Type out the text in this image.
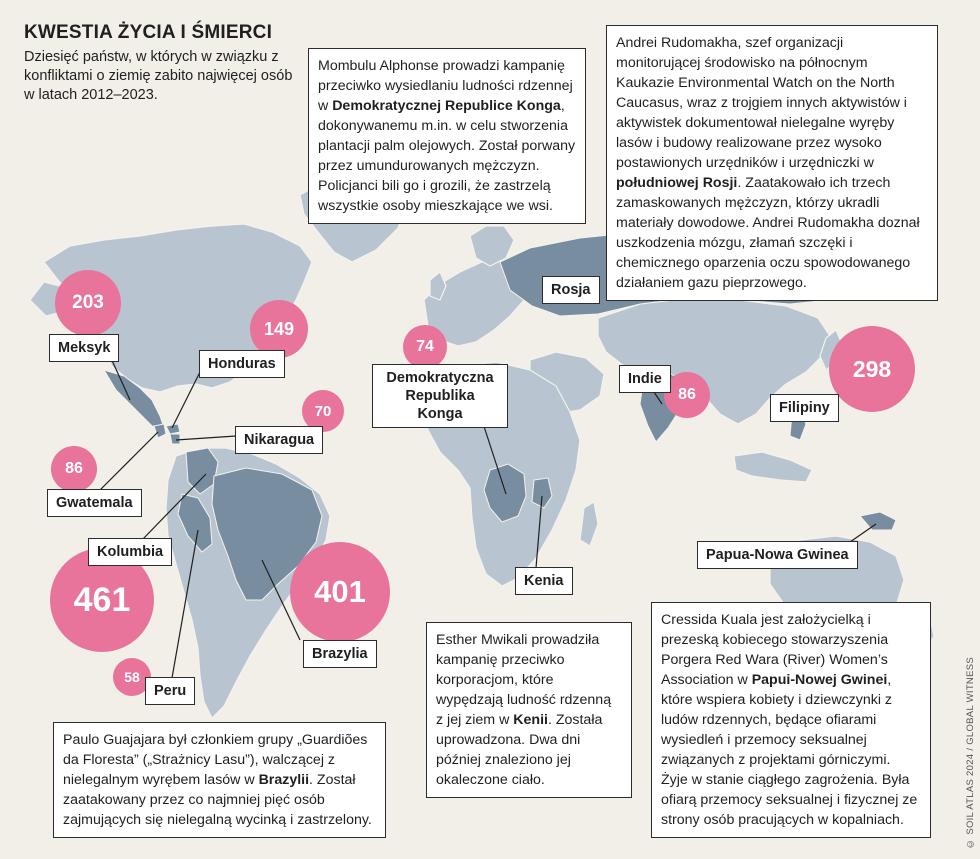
KWESTIA ŻYCIA I ŚMIERCI
Dziesięć państw, w których w związku z konfliktami o ziemię zabito najwięcej osób w latach 2012–2023.
203
149
70
86
461	401
58
74
86
298
Meksyk
Honduras
Nikaragua
Gwatemala
Kolumbia
Brazylia
Peru
Demokratyczna
Republika Konga
Kenia
Rosja
Indie
Filipiny
Papua-Nowa Gwinea
Mombulu Alphonse prowadzi kampanię przeciwko wysiedlaniu ludności rdzennej w Demokratycznej Republice Konga, dokonywanemu m.in. w celu stworzenia plantacji palm olejowych. Został porwany przez umundurowanych mężczyzn. Policjanci bili go i grozili, że zastrzelą wszystkie osoby mieszkające we wsi.
Andrei Rudomakha, szef organizacji monitorującej środowisko na północnym Kaukazie Environmental Watch on the North Caucasus, wraz z trojgiem innych aktywistów i aktywistek dokumentował nielegalne wyręby lasów i budowy realizowane przez wysoko postawionych urzędników i urzędniczki w południowej Rosji. Zaatakowało ich trzech zamaskowanych mężczyzn, którzy ukradli materiały dowodowe. Andrei Rudomakha doznał uszkodzenia mózgu, złamań szczęki i chemicznego oparzenia oczu spowodowanego działaniem gazu pieprzowego.
Esther Mwikali prowadziła kampanię przeciwko korporacjom, które wypędzają ludność rdzenną z jej ziem w Kenii. Została uprowadzona. Dwa dni później znaleziono jej okaleczone ciało.
Paulo Guajajara był członkiem grupy „Guardiões da Floresta” („Strażnicy Lasu”), walczącej z nielegalnym wyrębem lasów w Brazylii. Został zaatakowany przez co najmniej pięć osób zajmujących się nielegalną wycinką i zastrzelony.
Cressida Kuala jest założycielką i prezeską kobiecego stowarzyszenia Porgera Red Wara (River) Women’s Association w Papui-Nowej Gwinei, które wspiera kobiety i dziewczynki z ludów rdzennych, będące ofiarami wysiedleń i przemocy seksualnej związanych z projektami górniczymi. Żyje w stanie ciągłego zagrożenia. Była ofiarą przemocy seksualnej i fizycznej ze strony osób pracujących w kopalniach.	© SOIL ATLAS 2024 / GLOBAL WITNESS
